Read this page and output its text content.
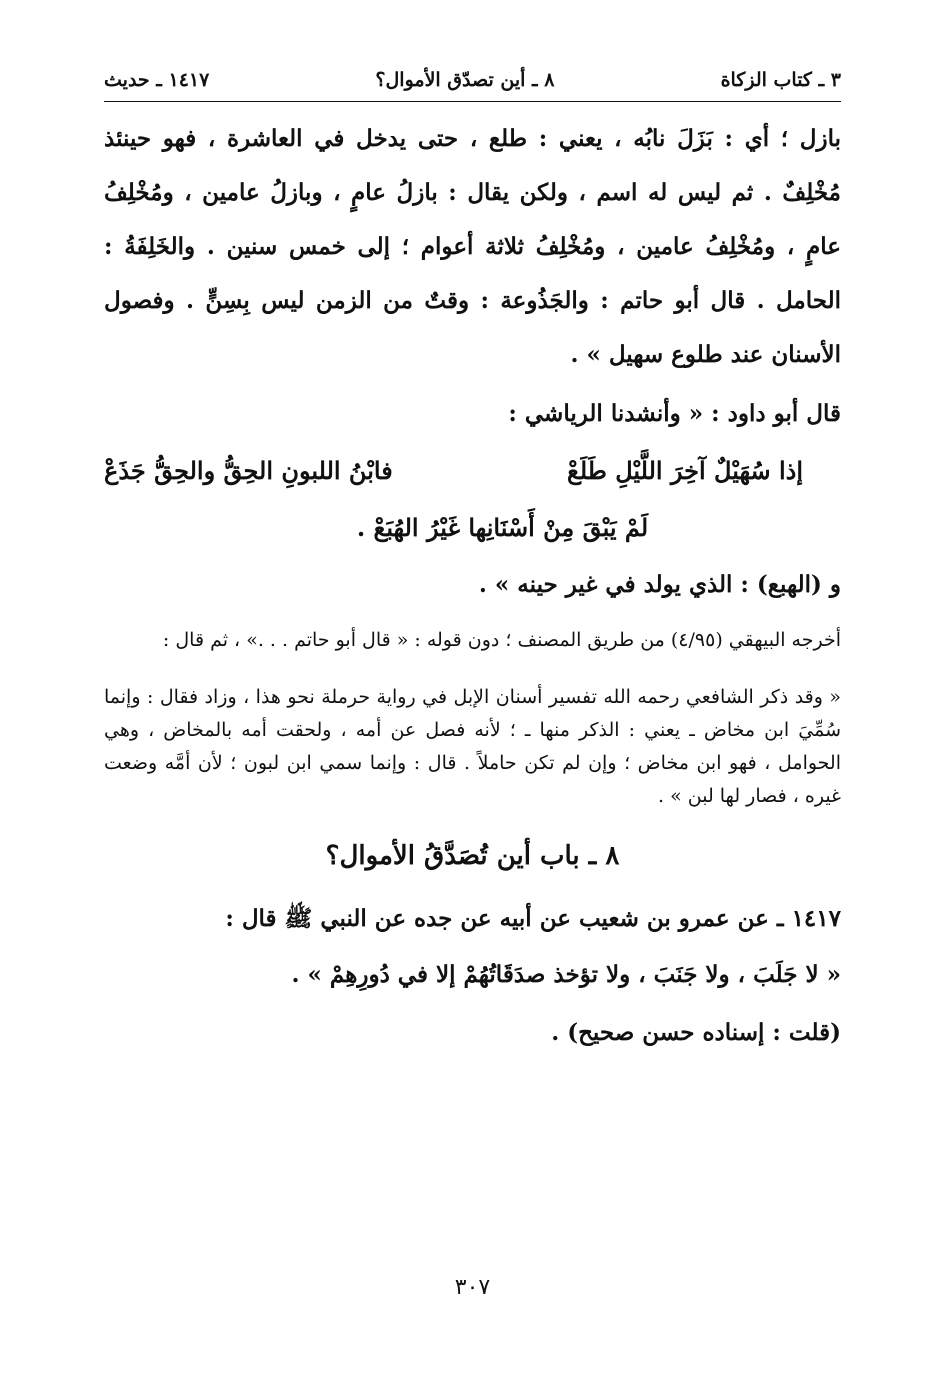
٣ ـ كتاب الزكاة
٨ ـ أين تصدّق الأموال؟
١٤١٧ ـ حديث

بازل ؛ أي : بَزَلَ نابُه ، يعني : طلع ، حتى يدخل في العاشرة ، فهو حينئذ مُخْلِفٌ . ثم ليس له اسم ، ولكن يقال : بازلُ عامٍ ، وبازلُ عامين ، ومُخْلِفُ عامٍ ، ومُخْلِفُ عامين ، ومُخْلِفُ ثلاثة أعوام ؛ إلى خمس سنين . والخَلِفَةُ : الحامل . قال أبو حاتم : والجَذُوعة : وقتٌ من الزمن ليس بِسِنٍّ . وفصول الأسنان عند طلوع سهيل » .

قال أبو داود : « وأنشدنا الرياشي :

إذا سُهَيْلٌ آخِرَ اللَّيْلِ طَلَعْ
فابْنُ اللبونِ الحِقُّ والحِقُّ جَذَعْ
لَمْ يَبْقَ مِنْ أَسْنَانِها غَيْرُ الهُبَعْ .

و (الهبع) : الذي يولد في غير حينه » .

أخرجه البيهقي (٤/٩٥) من طريق المصنف ؛ دون قوله : « قال أبو حاتم . . .» ، ثم قال :

« وقد ذكر الشافعي رحمه الله تفسير أسنان الإبل في رواية حرملة نحو هذا ، وزاد فقال : وإنما سُمِّيَ ابن مخاض ـ يعني : الذكر منها ـ ؛ لأنه فصل عن أمه ، ولحقت أمه بالمخاض ، وهي الحوامل ، فهو ابن مخاض ؛ وإن لم تكن حاملاً . قال : وإنما سمي ابن لبون ؛ لأن أمَّه وضعت غيره ، فصار لها لبن » .

٨ ـ باب أين تُصَدَّقُ الأموال؟

١٤١٧ ـ عن عمرو بن شعيب عن أبيه عن جده عن النبي ﷺ قال :

« لا جَلَبَ ، ولا جَنَبَ ، ولا تؤخذ صدَقَاتُهُمْ إلا في دُورِهِمْ » .

(قلت : إسناده حسن صحيح) .

٣٠٧
